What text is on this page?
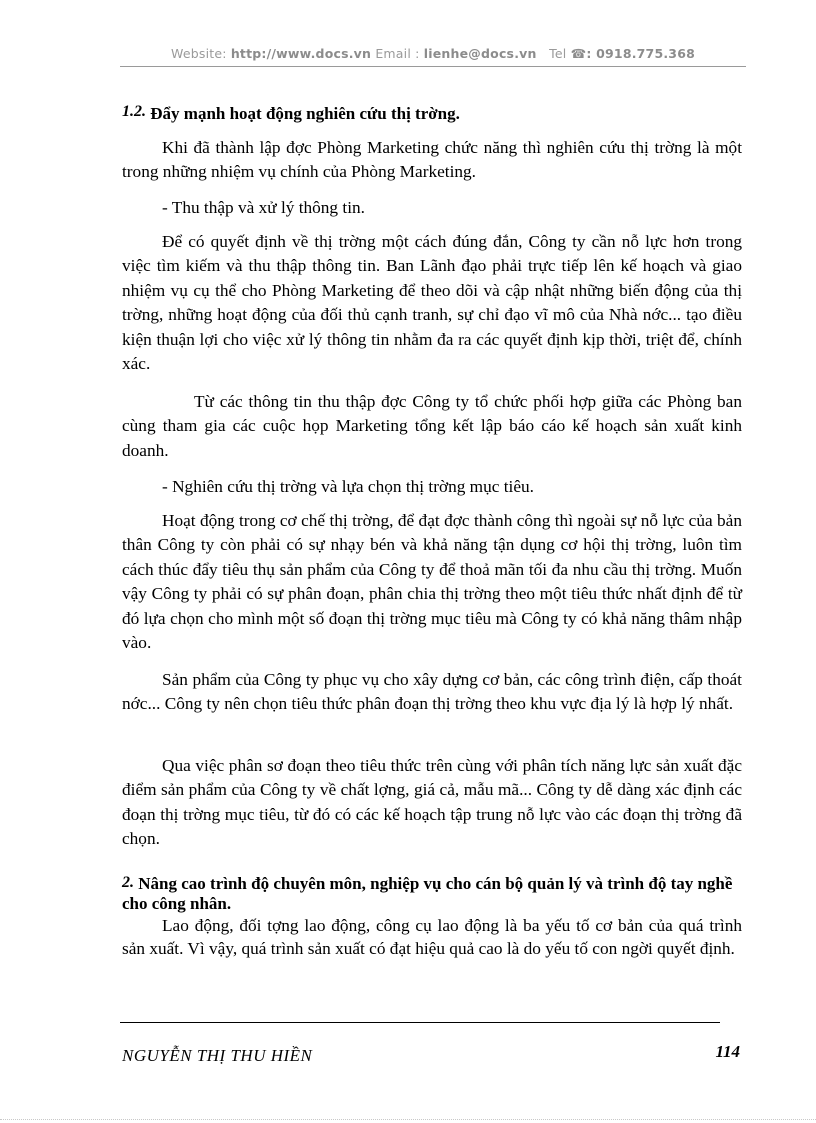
Website: http://www.docs.vn Email : lienhe@docs.vn Tel ☎: 0918.775.368
1.2. Đẩy mạnh hoạt động nghiên cứu thị trờng.
Khi đã thành lập đợc Phòng Marketing chức năng thì nghiên cứu thị trờng là một trong những nhiệm vụ chính của Phòng Marketing.
- Thu thập và xử lý thông tin.
Để có quyết định về thị trờng một cách đúng đắn, Công ty cần nỗ lực hơn trong việc tìm kiếm và thu thập thông tin. Ban Lãnh đạo phải trực tiếp lên kế hoạch và giao nhiệm vụ cụ thể cho Phòng Marketing để theo dõi và cập nhật những biến động của thị trờng, những hoạt động của đối thủ cạnh tranh, sự chỉ đạo vĩ mô của Nhà nớc... tạo điều kiện thuận lợi cho việc xử lý thông tin nhằm đa ra các quyết định kịp thời, triệt để, chính xác.
Từ các thông tin thu thập đợc Công ty tổ chức phối hợp giữa các Phòng ban cùng tham gia các cuộc họp Marketing tổng kết lập báo cáo kế hoạch sản xuất kinh doanh.
- Nghiên cứu thị trờng và lựa chọn thị trờng mục tiêu.
Hoạt động trong cơ chế thị trờng, để đạt đợc thành công thì ngoài sự nỗ lực của bản thân Công ty còn phải có sự nhạy bén và khả năng tận dụng cơ hội thị trờng, luôn tìm cách thúc đẩy tiêu thụ sản phẩm của Công ty để thoả mãn tối đa nhu cầu thị trờng. Muốn vậy Công ty phải có sự phân đoạn, phân chia thị trờng theo một tiêu thức nhất định để từ đó lựa chọn cho mình một số đoạn thị trờng mục tiêu mà Công ty có khả năng thâm nhập vào.
Sản phẩm của Công ty phục vụ cho xây dựng cơ bản, các công trình điện, cấp thoát nớc... Công ty nên chọn tiêu thức phân đoạn thị trờng theo khu vực địa lý là hợp lý nhất.
Qua việc phân sơ đoạn theo tiêu thức trên cùng với phân tích năng lực sản xuất đặc điểm sản phẩm của Công ty về chất lợng, giá cả, mẫu mã... Công ty dễ dàng xác định các đoạn thị trờng mục tiêu, từ đó có các kế hoạch tập trung nỗ lực vào các đoạn thị trờng đã chọn.
2. Nâng cao trình độ chuyên môn, nghiệp vụ cho cán bộ quản lý và trình độ tay nghề cho công nhân.
Lao động, đối tợng lao động, công cụ lao động là ba yếu tố cơ bản của quá trình sản xuất. Vì vậy, quá trình sản xuất có đạt hiệu quả cao là do yếu tố con ngời quyết định.
NGUYỄN THỊ THU HIỀN	114
